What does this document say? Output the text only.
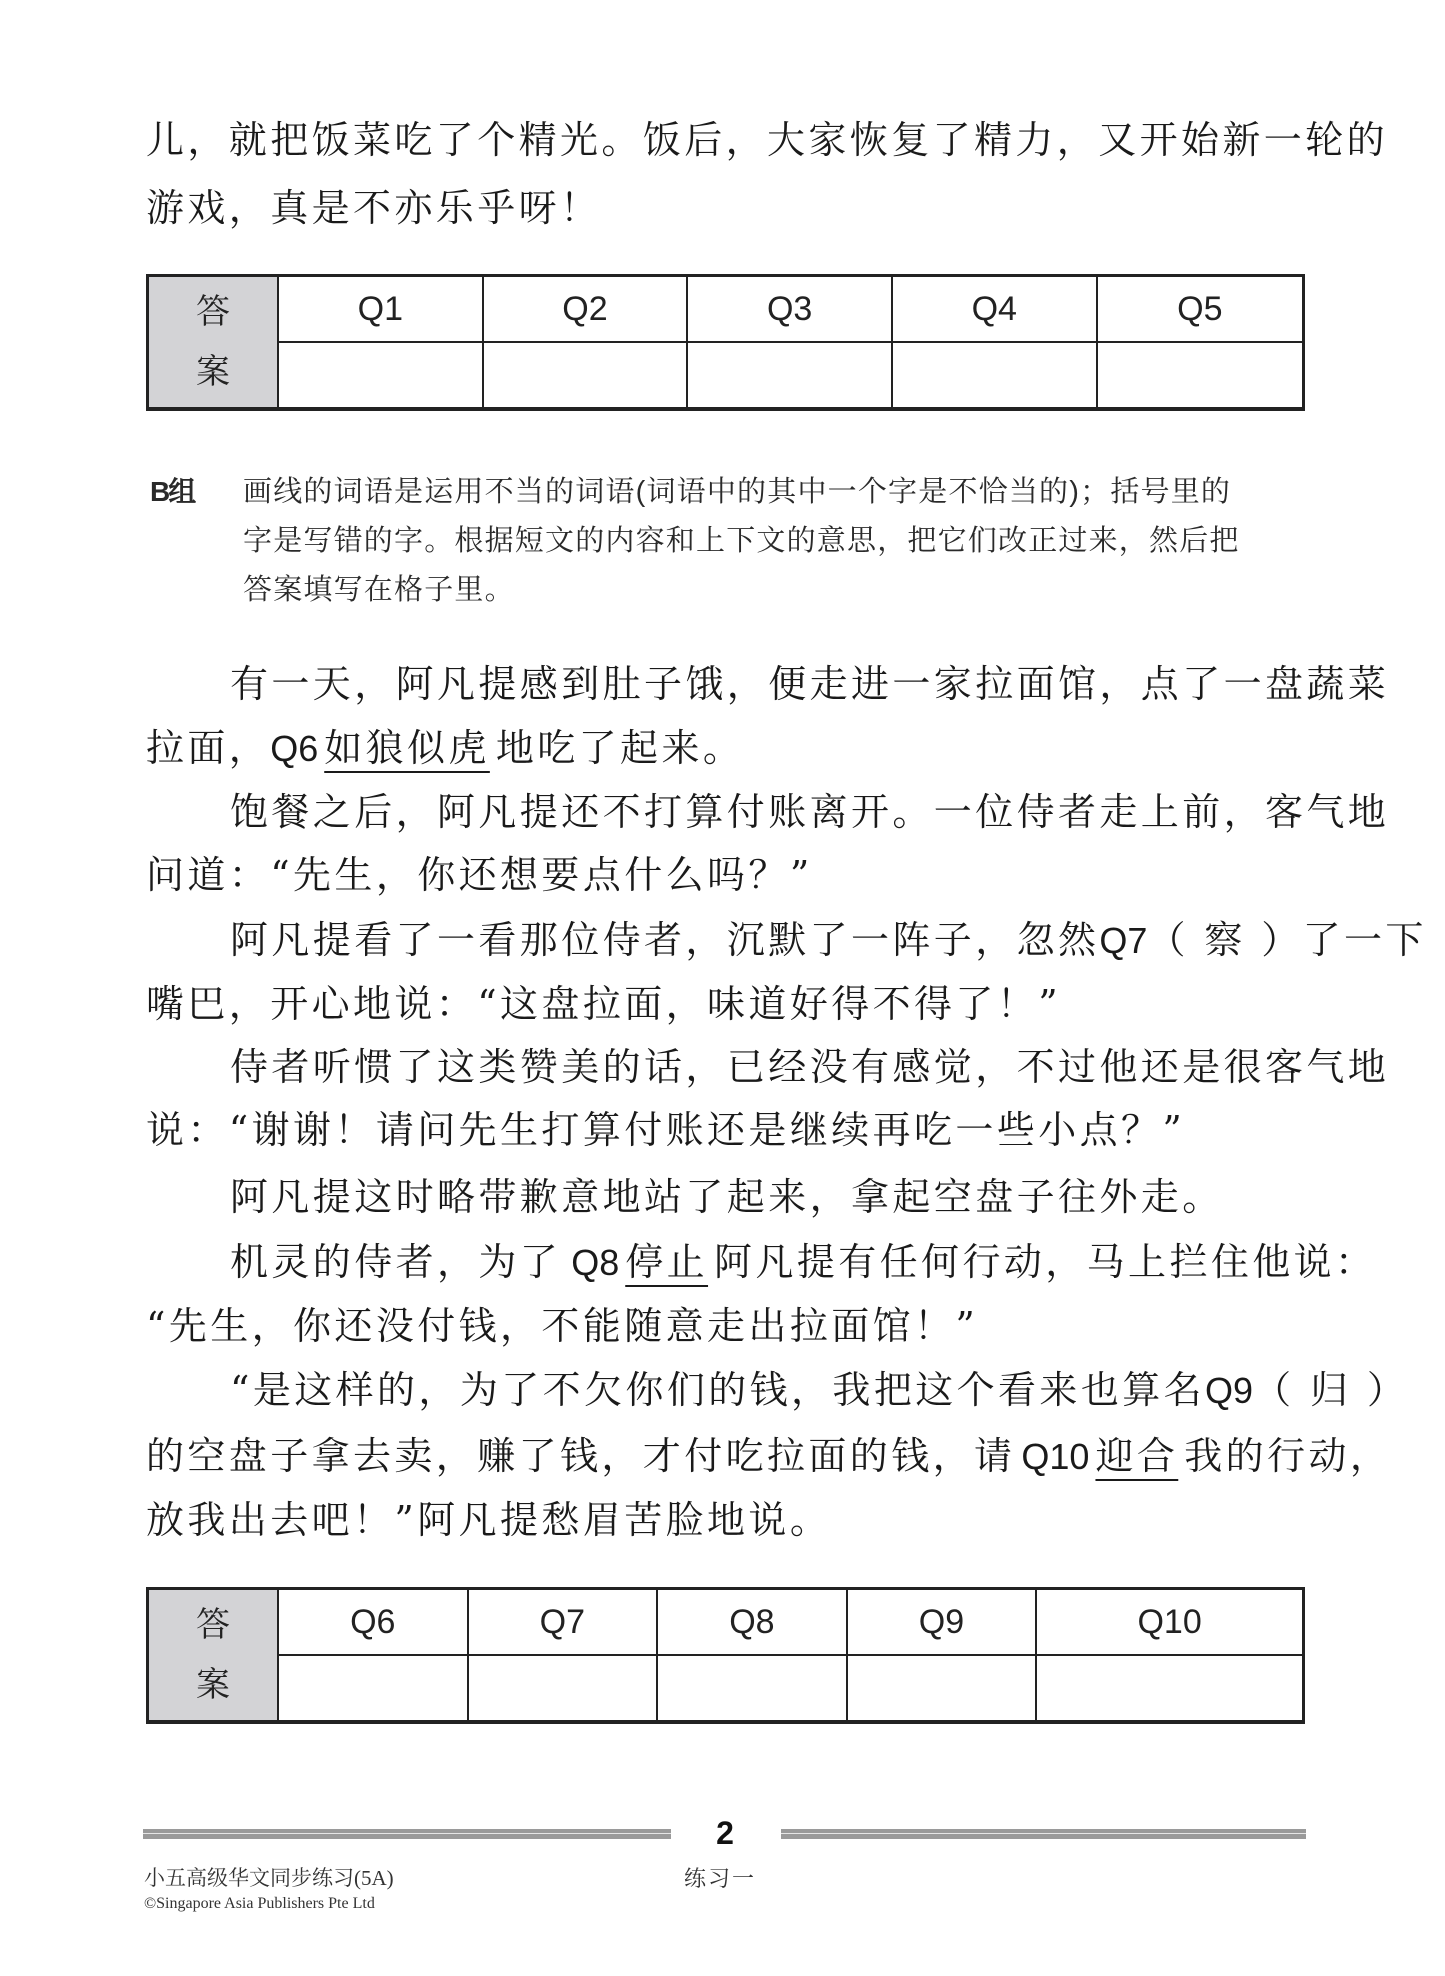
儿，就把饭菜吃了个精光。饭后，大家恢复了精力，又开始新一轮的
游戏，真是不亦乐乎呀！
答
案	Q1	Q2	Q3	Q4	Q5

B组 画线的词语是运用不当的词语(词语中的其中一个字是不恰当的)；括号里的
字是写错的字。根据短文的内容和上下文的意思，把它们改正过来，然后把
答案填写在格子里。
有一天，阿凡提感到肚子饿，便走进一家拉面馆，点了一盘蔬菜
拉面，Q6 如狼似虎 地吃了起来。
饱餐之后，阿凡提还不打算付账离开。一位侍者走上前，客气地
问道：“先生，你还想要点什么吗？”
阿凡提看了一看那位侍者，沉默了一阵子，忽然Q7（ 察 ）了一下
嘴巴，开心地说：“这盘拉面，味道好得不得了！”
侍者听惯了这类赞美的话，已经没有感觉，不过他还是很客气地
说：“谢谢！请问先生打算付账还是继续再吃一些小点？”
阿凡提这时略带歉意地站了起来，拿起空盘子往外走。
机灵的侍者，为了 Q8 停止 阿凡提有任何行动，马上拦住他说：
“先生，你还没付钱，不能随意走出拉面馆！”
“是这样的，为了不欠你们的钱，我把这个看来也算名Q9（ 归 ）
的空盘子拿去卖，赚了钱，才付吃拉面的钱，请 Q10 迎合 我的行动，
放我出去吧！”阿凡提愁眉苦脸地说。
答
案	Q6	Q7	Q8	Q9	Q10

2
小五高级华文同步练习(5A)	练习一
©Singapore Asia Publishers Pte Ltd
